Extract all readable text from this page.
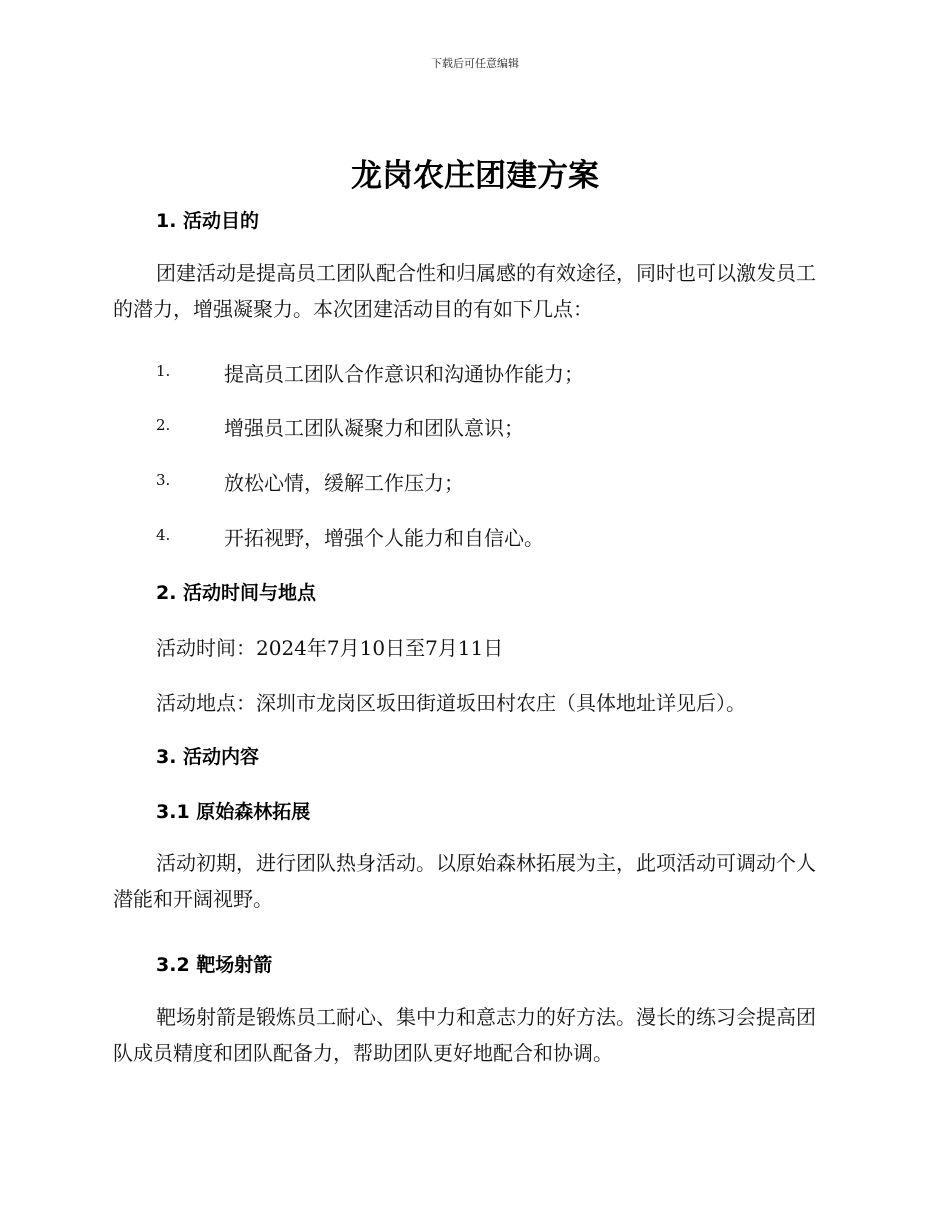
下载后可任意编辑
龙岗农庄团建方案
1. 活动目的

团建活动是提高员工团队配合性和归属感的有效途径，同时也可以激发员工的潜力，增强凝聚力。本次团建活动目的有如下几点：

1.	提高员工团队合作意识和沟通协作能力；
2.	增强员工团队凝聚力和团队意识；
3.	放松心情，缓解工作压力；
4.	开拓视野，增强个人能力和自信心。
2. 活动时间与地点

活动时间：2024年7月10日至7月11日

活动地点：深圳市龙岗区坂田街道坂田村农庄（具体地址详见后）。

3. 活动内容
3.1 原始森林拓展

活动初期，进行团队热身活动。以原始森林拓展为主，此项活动可调动个人潜能和开阔视野。

3.2 靶场射箭

靶场射箭是锻炼员工耐心、集中力和意志力的好方法。漫长的练习会提高团队成员精度和团队配备力，帮助团队更好地配合和协调。
